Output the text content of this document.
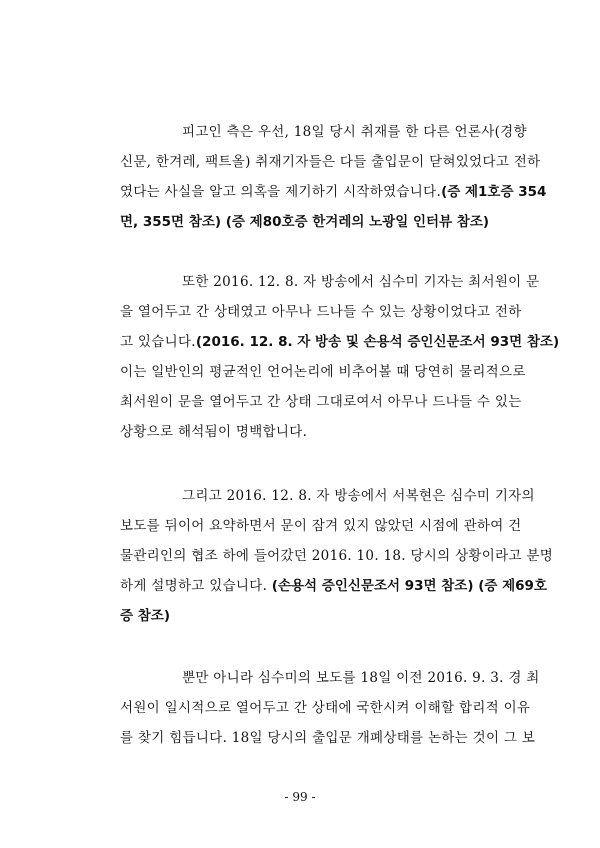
피고인 측은 우선, 18일 당시 취재를 한 다른 언론사(경향
신문, 한겨레, 팩트올) 취재기자들은 다들 출입문이 닫혀있었다고 전하
였다는 사실을 알고 의혹을 제기하기 시작하였습니다.(증 제1호증 354
면, 355면 참조) (증 제80호증 한겨레의 노광일 인터뷰 참조)
또한 2016. 12. 8. 자 방송에서 심수미 기자는 최서원이 문
을 열어두고 간 상태였고 아무나 드나들 수 있는 상황이었다고 전하
고 있습니다.(2016. 12. 8. 자 방송 및 손용석 증인신문조서 93면 참조)
이는 일반인의 평균적인 언어논리에 비추어볼 때 당연히 물리적으로
최서원이 문을 열어두고 간 상태 그대로여서 아무나 드나들 수 있는
상황으로 해석됨이 명백합니다.
그리고 2016. 12. 8. 자 방송에서 서복현은 심수미 기자의
보도를 뒤이어 요약하면서 문이 잠겨 있지 않았던 시점에 관하여 건
물관리인의 협조 하에 들어갔던 2016. 10. 18. 당시의 상황이라고 분명
하게 설명하고 있습니다. (손용석 증인신문조서 93면 참조) (증 제69호
증 참조)
뿐만 아니라 심수미의 보도를 18일 이전 2016. 9. 3. 경 최
서원이 일시적으로 열어두고 간 상태에 국한시켜 이해할 합리적 이유
를 찾기 힘듭니다. 18일 당시의 출입문 개폐상태를 논하는 것이 그 보
- 99 -
